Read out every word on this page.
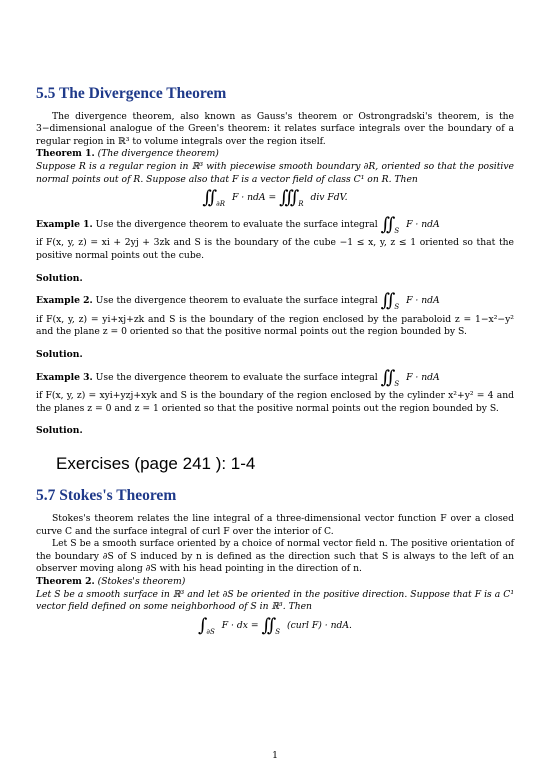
5.5 The Divergence Theorem

The divergence theorem, also known as Gauss's theorem or Ostrongradski's theorem, is the 3−dimensional analogue of the Green's theorem: it relates surface integrals over the boundary of a regular region in ℝ³ to volume integrals over the region itself.

Theorem 1. (The divergence theorem)

Suppose R is a regular region in ℝ³ with piecewise smooth boundary ∂R, oriented so that the positive normal points out of R. Suppose also that F is a vector field of class C¹ on R. Then

∫∫ $_{\partial R}$ F · ndA = ∫∫∫ $_R$ div FdV.

Example 1. Use the divergence theorem to evaluate the surface integral ∫∫ $_S$ F · ndA

if F(x, y, z) = xi + 2yj + 3zk and S is the boundary of the cube −1 ≤ x, y, z ≤ 1 oriented so that the positive normal points out the cube.

Solution.

Example 2. Use the divergence theorem to evaluate the surface integral ∫∫ $_S$ F · ndA

if F(x, y, z) = yi+xj+zk and S is the boundary of the region enclosed by the paraboloid z = 1−x²−y² and the plane z = 0 oriented so that the positive normal points out the region bounded by S.

Solution.

Example 3. Use the divergence theorem to evaluate the surface integral ∫∫ $_S$ F · ndA

if F(x, y, z) = xyi+yzj+xyk and S is the boundary of the region enclosed by the cylinder x²+y² = 4 and the planes z = 0 and z = 1 oriented so that the positive normal points out the region bounded by S.

Solution.

Exercises (page 241 ): 1-4
5.7 Stokes's Theorem

Stokes's theorem relates the line integral of a three-dimensional vector function F over a closed curve C and the surface integral of curl F over the interior of C.

Let S be a smooth surface oriented by a choice of normal vector field n. The positive orientation of the boundary ∂S of S induced by n is defined as the direction such that S is always to the left of an observer moving along ∂S with his head pointing in the direction of n.

Theorem 2. (Stokes's theorem)

Let S be a smooth surface in ℝ³ and let ∂S be oriented in the positive direction. Suppose that F is a C¹ vector field defined on some neighborhood of S in ℝ³. Then

∫ $_{\partial S}$ F · dx = ∫∫ $_S$ (curl F) · ndA.
1
